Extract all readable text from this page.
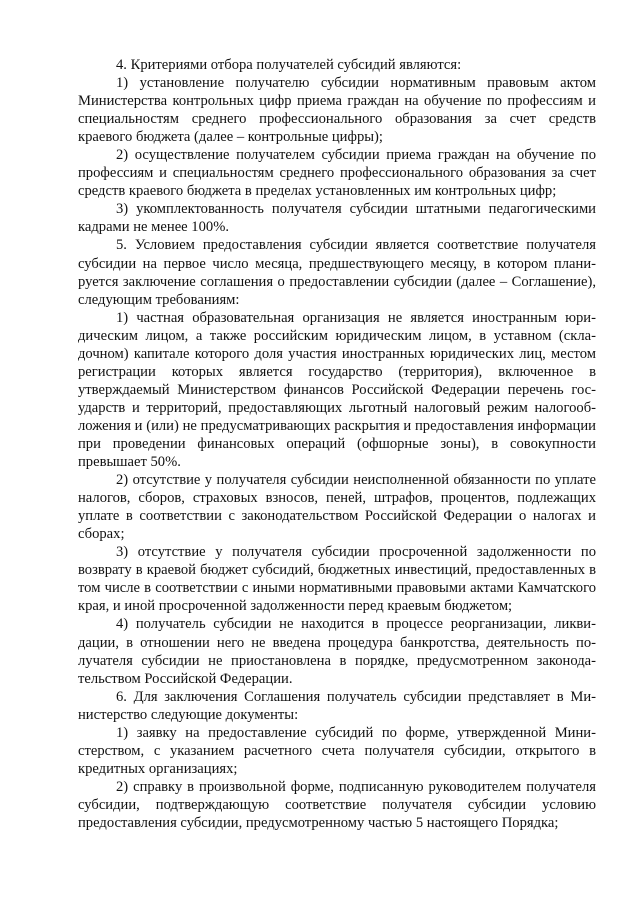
4. Критериями отбора получателей субсидий являются:

1) установление получателю субсидии нормативным правовым актом Министерства контрольных цифр приема граждан на обучение по профессиям и специальностям среднего профессионального образования за счет средств краевого бюджета (далее – контрольные цифры);

2) осуществление получателем субсидии приема граждан на обучение по профессиям и специальностям среднего профессионального образования за счет средств краевого бюджета в пределах установленных им контрольных цифр;

3) укомплектованность получателя субсидии штатными педагогическими кадрами не менее 100%.

5. Условием предоставления субсидии является соответствие получателя субсидии на первое число месяца, предшествующего месяцу, в котором планируется заключение соглашения о предоставлении субсидии (далее – Соглашение), следующим требованиям:

1) частная образовательная организация не является иностранным юридическим лицом, а также российским юридическим лицом, в уставном (складочном) капитале которого доля участия иностранных юридических лиц, местом регистрации которых является государство (территория), включенное в утверждаемый Министерством финансов Российской Федерации перечень государств и территорий, предоставляющих льготный налоговый режим налогообложения и (или) не предусматривающих раскрытия и предоставления информации при проведении финансовых операций (офшорные зоны), в совокупности превышает 50%.

2) отсутствие у получателя субсидии неисполненной обязанности по уплате налогов, сборов, страховых взносов, пеней, штрафов, процентов, подлежащих уплате в соответствии с законодательством Российской Федерации о налогах и сборах;

3) отсутствие у получателя субсидии просроченной задолженности по возврату в краевой бюджет субсидий, бюджетных инвестиций, предоставленных в том числе в соответствии с иными нормативными правовыми актами Камчатского края, и иной просроченной задолженности перед краевым бюджетом;

4) получатель субсидии не находится в процессе реорганизации, ликвидации, в отношении него не введена процедура банкротства, деятельность получателя субсидии не приостановлена в порядке, предусмотренном законодательством Российской Федерации.

6. Для заключения Соглашения получатель субсидии представляет в Министерство следующие документы:

1) заявку на предоставление субсидий по форме, утвержденной Министерством, с указанием расчетного счета получателя субсидии, открытого в кредитных организациях;

2) справку в произвольной форме, подписанную руководителем получателя субсидии, подтверждающую соответствие получателя субсидии условию предоставления субсидии, предусмотренному частью 5 настоящего Порядка;
